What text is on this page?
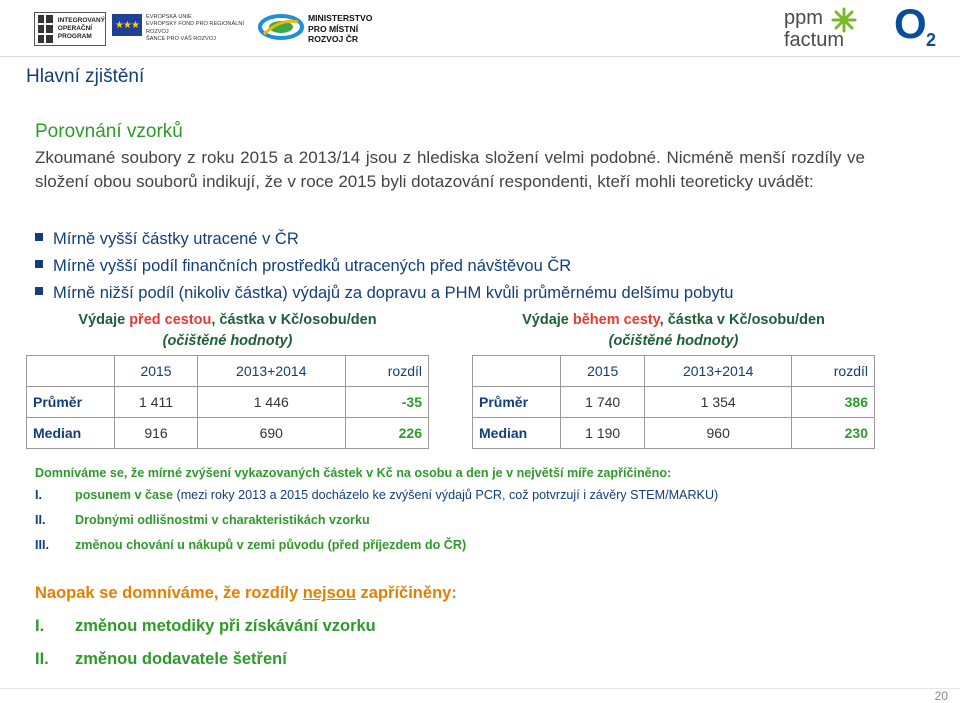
INTEGROVANÝ
OPERAČNÍ
PROGRAM
★★★
EVROPSKÁ UNIE
EVROPSKÝ FOND PRO REGIONÁLNÍ ROZVOJ
ŠANCE PRO VÁŠ ROZVOJ
MINISTERSTVO
PRO MÍSTNÍ
ROZVOJ ČR
ppm
factum O 2
Hlavní zjištění
Porovnání vzorků
Zkoumané soubory z roku 2015 a 2013/14 jsou z hlediska složení velmi podobné. Nicméně menší rozdíly ve složení obou souborů indikují, že v roce 2015 byli dotazování respondenti, kteří mohli teoreticky uvádět:
Mírně vyšší částky utracené v ČR
Mírně vyšší podíl finančních prostředků utracených před návštěvou ČR
Mírně nižší podíl (nikoliv částka) výdajů za dopravu a PHM kvůli průměrnému delšímu pobytu
Výdaje před cestou, částka v Kč/osobu/den
(očištěné hodnoty)			
	2015	2013+2014	rozdíl
Průměr	1 411	1 446	-35
Median	916	690	226
Výdaje během cesty, částka v Kč/osobu/den
(očištěné hodnoty)			
	2015	2013+2014	rozdíl
Průměr	1 740	1 354	386
Median	1 190	960	230
Domníváme se, že mírné zvýšení vykazovaných částek v Kč na osobu a den je v největší míře zapříčiněno:
I.	posunem v čase (mezi roky 2013 a 2015 docházelo ke zvýšení výdajů PCR, což potvrzují i závěry STEM/MARKU)
II. Drobnými odlišnostmi v charakteristikách vzorku
III. změnou chování u nákupů v zemi původu (před příjezdem do ČR)
Naopak se domníváme, že rozdíly nejsou zapříčiněny:
I. změnou metodiky při získávání vzorku
II. změnou dodavatele šetření
20
